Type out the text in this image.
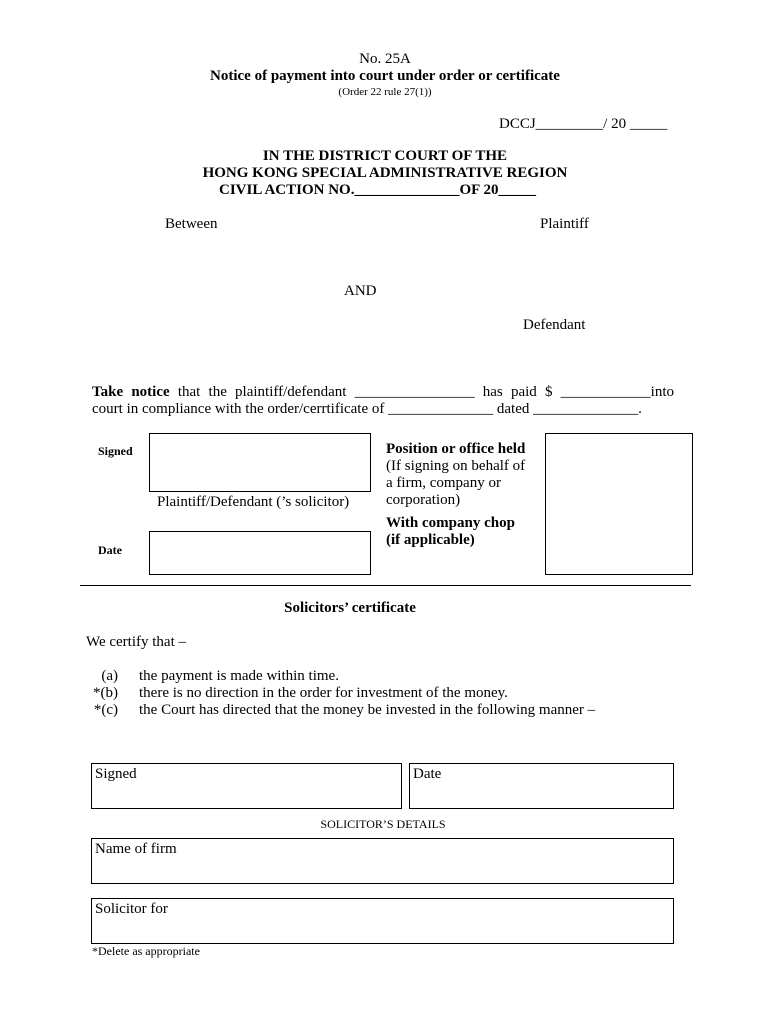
No. 25A
Notice of payment into court under order or certificate
(Order 22 rule 27(1))
DCCJ_________/ 20 _____
IN THE DISTRICT COURT OF THE
HONG KONG SPECIAL ADMINISTRATIVE REGION
CIVIL ACTION NO.______________OF 20_____
Between	Plaintiff
AND
Defendant
Take notice that the plaintiff/defendant ________________ has paid $ ____________into
court in compliance with the order/cerrtificate of ______________ dated ______________.
Signed
Plaintiff/Defendant (’s solicitor)
Date
Position or office held
(If signing on behalf of
a firm, company or
corporation)
With company chop
(if applicable)
Solicitors’ certificate
We certify that –
(a) the payment is made within time.
*(b) there is no direction in the order for investment of the money.
*(c) the Court has directed that the money be invested in the following manner –
Signed	Date
SOLICITOR’S DETAILS
Name of firm
Solicitor for
*Delete as appropriate
